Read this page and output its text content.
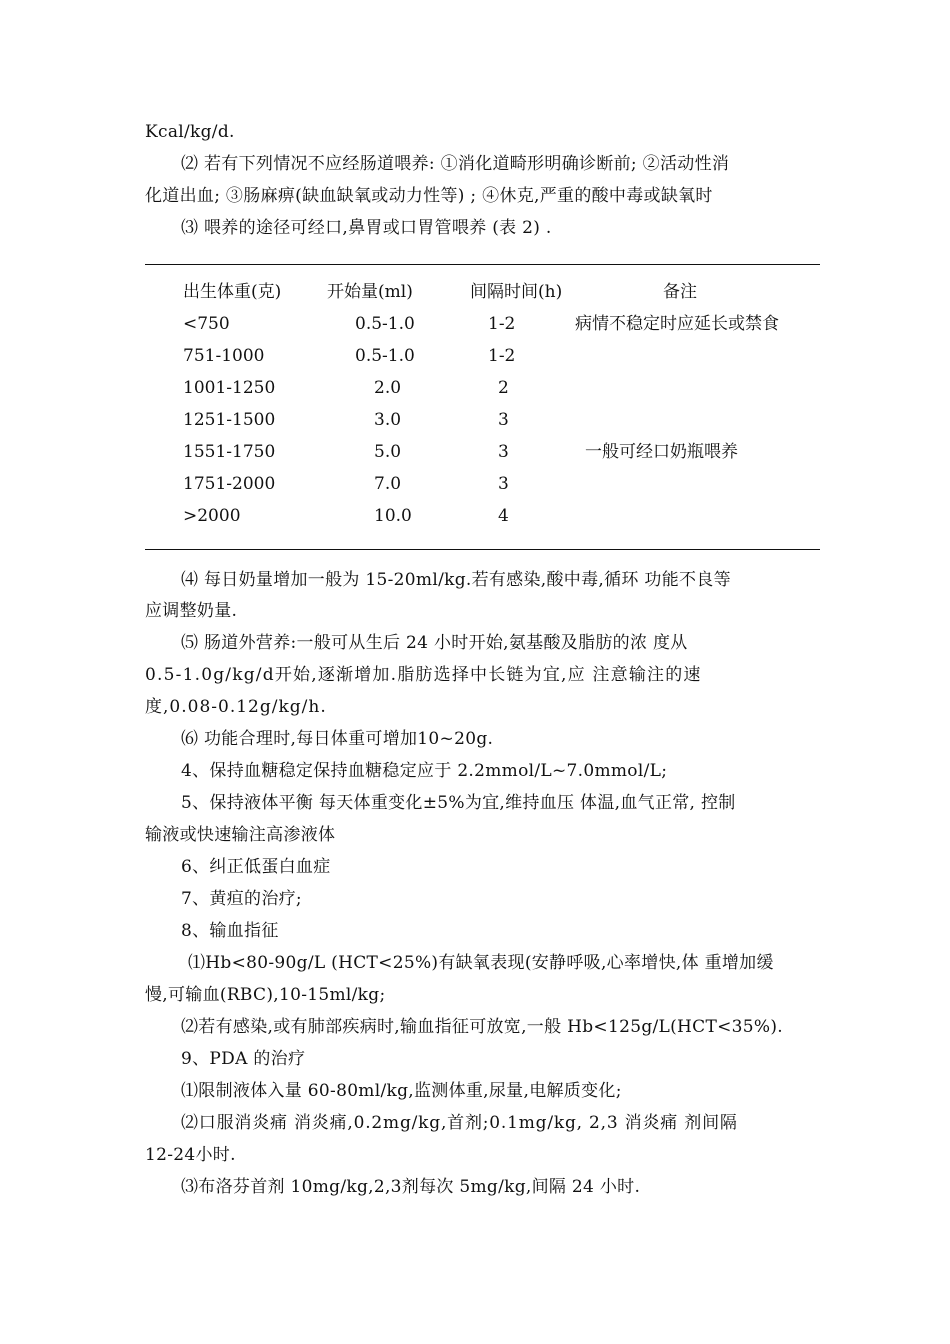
Kcal/kg/d.
⑵ 若有下列情况不应经肠道喂养: ①消化道畸形明确诊断前; ②活动性消
化道出血; ③肠麻痹(缺血缺氧或动力性等) ; ④休克,严重的酸中毒或缺氧时
⑶ 喂养的途径可经口,鼻胃或口胃管喂养 (表 2) .
出生体重(克)	开始量(ml)	间隔时间(h)	备注
<750	0.5-1.0	1-2	病情不稳定时应延长或禁食
751-1000	0.5-1.0	1-2
1001-1250	2.0	2
1251-1500	3.0	3
1551-1750	5.0	3	一般可经口奶瓶喂养
1751-2000	7.0	3
>2000	10.0	4
⑷ 每日奶量增加一般为 15-20ml/kg.若有感染,酸中毒,循环 功能不良等
应调整奶量.
⑸ 肠道外营养:一般可从生后 24 小时开始,氨基酸及脂肪的浓 度从
0.5-1.0g/kg/d开始,逐渐增加.脂肪选择中长链为宜,应 注意输注的速
度,0.08-0.12g/kg/h.
⑹ 功能合理时,每日体重可增加10~20g.
4、保持血糖稳定保持血糖稳定应于 2.2mmol/L~7.0mmol/L;
5、保持液体平衡 每天体重变化±5%为宜,维持血压 体温,血气正常, 控制
输液或快速输注高渗液体
6、纠正低蛋白血症
7、黄疸的治疗;
8、输血指征
⑴Hb<80-90g/L (HCT<25%)有缺氧表现(安静呼吸,心率增快,体 重增加缓
慢,可输血(RBC),10-15ml/kg;
⑵若有感染,或有肺部疾病时,输血指征可放宽,一般 Hb<125g/L(HCT<35%).
9、PDA 的治疗
⑴限制液体入量 60-80ml/kg,监测体重,尿量,电解质变化;
⑵口服消炎痛 消炎痛,0.2mg/kg,首剂;0.1mg/kg, 2,3 消炎痛 剂间隔
12-24小时.
⑶布洛芬首剂 10mg/kg,2,3剂每次 5mg/kg,间隔 24 小时.
